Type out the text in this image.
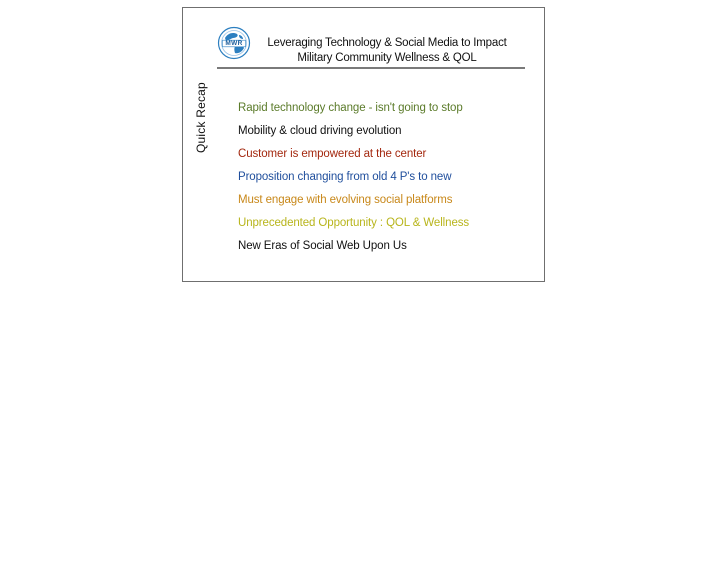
MWR	Leveraging Technology & Social Media to Impact
Military Community Wellness & QOL
Quick Recap	Rapid technology change - isn't going to stop
Mobility & cloud driving evolution
Customer is empowered at the center
Proposition changing from old 4 P's to new
Must engage with evolving social platforms
Unprecedented Opportunity : QOL & Wellness
New Eras of Social Web Upon Us
